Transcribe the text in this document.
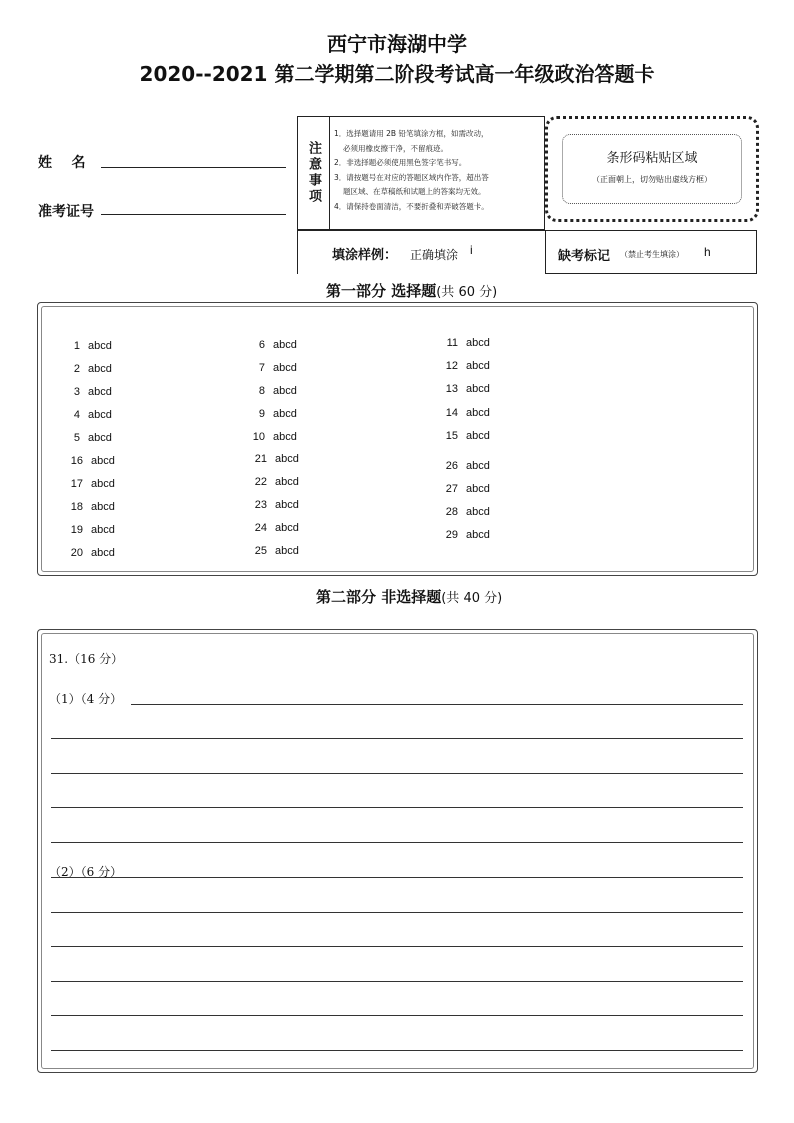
西宁市海湖中学
2020--2021 第二学期第二阶段考试高一年级政治答题卡
姓    名
准考证号
注意事项
1．选择题请用 2B 铅笔填涂方框，如需改动，
必须用橡皮擦干净，不留痕迹。
2．非选择题必须使用黑色签字笔书写。
3．请按题号在对应的答题区域内作答，超出答
题区域、在草稿纸和试题上的答案均无效。
4．请保持卷面清洁，不要折叠和弄破答题卡。
条形码粘贴区域
（正面朝上，切勿贴出虚线方框）
填涂样例： 正确填涂 i	缺考标记 （禁止考生填涂） h
第一部分 选择题(共 60 分)
1 abcd
2 abcd
3 abcd
4 abcd
5 abcd
6 abcd
7 abcd
8 abcd
9 abcd
10 abcd
11 abcd
12 abcd
13 abcd
14 abcd
15 abcd
16 abcd
17 abcd
18 abcd
19 abcd
20 abcd
21 abcd
22 abcd
23 abcd
24 abcd
25 abcd
26 abcd
27 abcd
28 abcd
29 abcd
第二部分 非选择题(共 40 分)
31.（16 分）
（1）（4 分）
（2）（6 分）
